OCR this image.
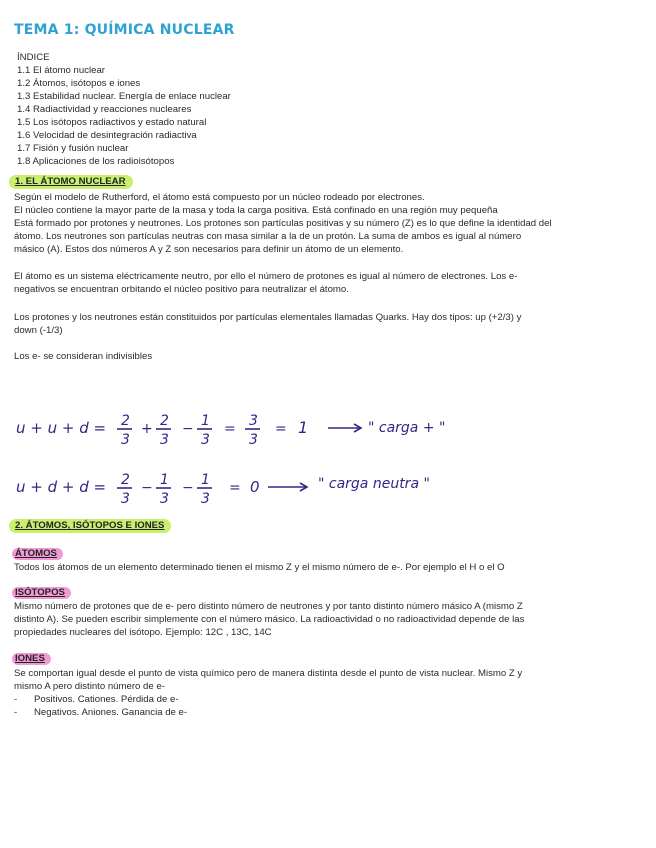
TEMA 1: QUÍMICA NUCLEAR
ÍNDICE
1.1 El átomo nuclear
1.2 Átomos, isótopos e iones
1.3 Estabilidad nuclear. Energía de enlace nuclear
1.4 Radiactividad y reacciones nucleares
1.5 Los isótopos radiactivos y estado natural
1.6 Velocidad de desintegración radiactiva
1.7 Fisión y fusión nuclear
1.8 Aplicaciones de los radioisótopos
1. EL ÁTOMO NUCLEAR
Según el modelo de Rutherford, el átomo está compuesto por un núcleo rodeado por electrones.
El núcleo contiene la mayor parte de la masa y toda la carga positiva. Está confinado en una región muy pequeña
Está formado por protones y neutrones. Los protones son partículas positivas y su número (Z) es lo que define la identidad del
átomo. Los neutrones son partículas neutras con masa similar a la de un protón. La suma de ambos es igual al número
másico (A). Estos dos números A y Z son necesarios para definir un átomo de un elemento.
El átomo es un sistema eléctricamente neutro, por ello el número de protones es igual al número de electrones. Los e-
negativos se encuentran orbitando el núcleo positivo para neutralizar el átomo.
Los protones y los neutrones están constituidos por partículas elementales llamadas Quarks. Hay dos tipos: up (+2/3) y
down (-1/3)
Los e- se consideran indivisibles
u + u + d = 2
3
+ 2
3
− 1
3
= 3
3
= 1	" carga + "
u + d + d = 2
3
− 1
3
− 1
3
= 0	" carga neutra "
2. ÁTOMOS, ISÓTOPOS E IONES
ÁTOMOS
Todos los átomos de un elemento determinado tienen el mismo Z y el mismo número de e-. Por ejemplo el H o el O
ISÓTOPOS
Mismo número de protones que de e- pero distinto número de neutrones y por tanto distinto número másico A (mismo Z
distinto A). Se pueden escribir simplemente con el número másico. La radioactividad o no radioactividad depende de las
propiedades nucleares del isótopo. Ejemplo: 12C , 13C, 14C
IONES
Se comportan igual desde el punto de vista químico pero de manera distinta desde el punto de vista nuclear. Mismo Z y
mismo A pero distinto número de e-
- Positivos. Cationes. Pérdida de e-
- Negativos. Aniones. Ganancia de e-
